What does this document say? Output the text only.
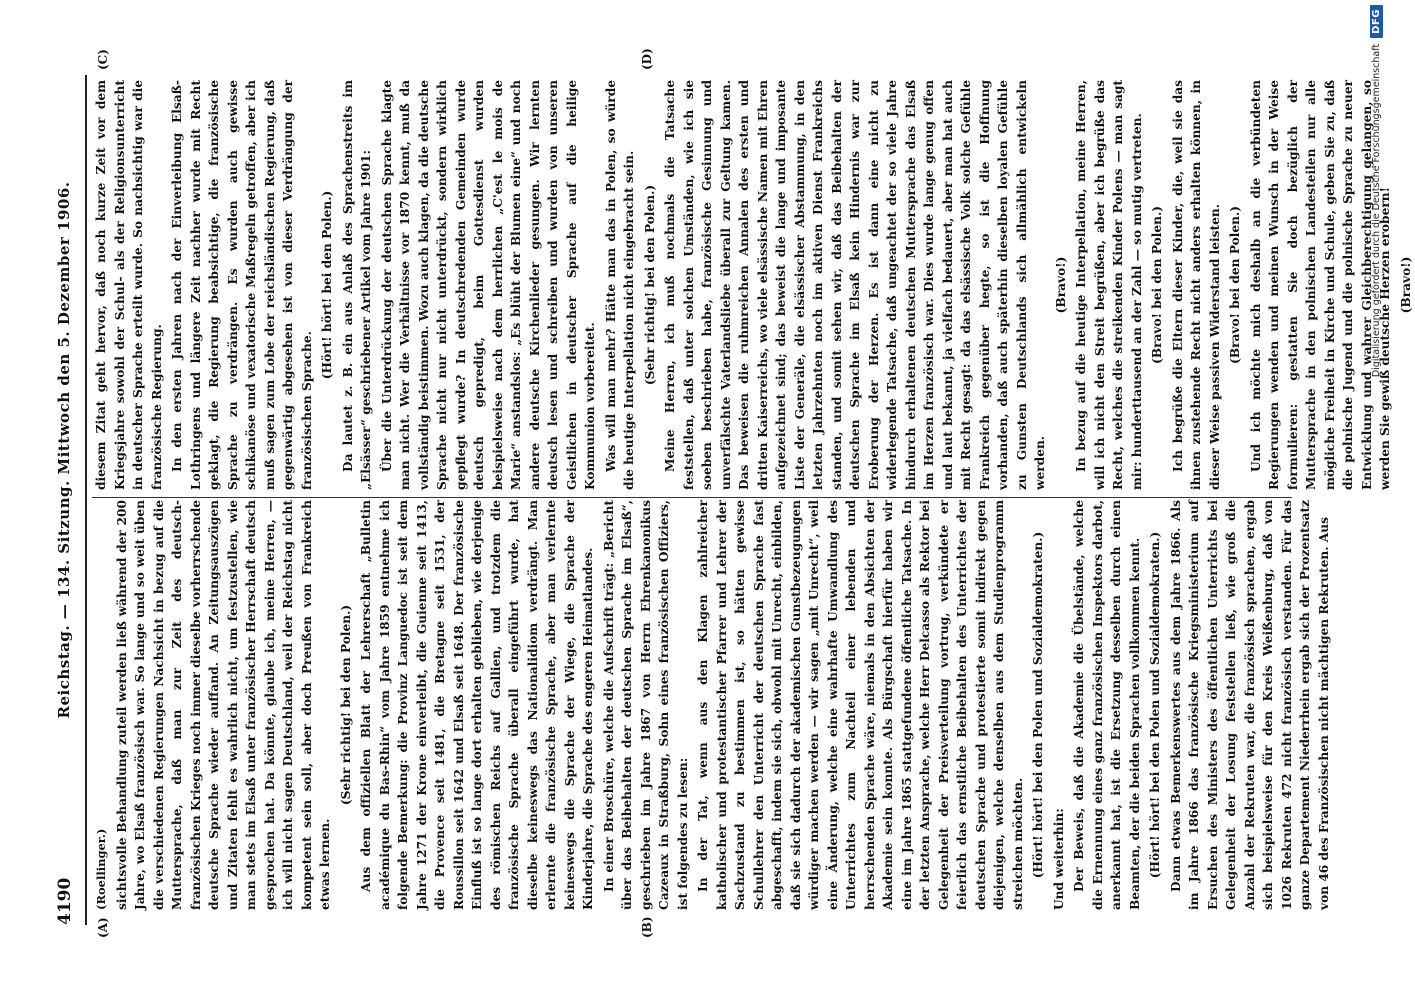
4190
Reichstag. — 134. Sitzung. Mittwoch den 5. Dezember 1906.
(A)	(B)
(C)	(D)
(Roellinger.) sichtsvolle Behandlung zuteil werden ließ während der 200 Jahre, wo Elsaß französisch war. So lange und so weit üben die verschiedenen Regierungen Nachsicht in bezug auf die Muttersprache, daß man zur Zeit des deutsch-französischen Krieges noch immer dieselbe vorherrschende deutsche Sprache wieder auffand. An Zeitungsauszügen und Zitaten fehlt es wahrlich nicht, um festzustellen, wie man stets im Elsaß unter französischer Herrschaft deutsch gesprochen hat. Da könnte, glaube ich, meine Herren, — ich will nicht sagen Deutschland, weil der Reichstag nicht kompetent sein soll, aber doch Preußen von Frankreich etwas lernen.

(Sehr richtig! bei den Polen.) Aus dem offiziellen Blatt der Lehrerschaft „Bulletin académique du Bas-Rhin“ vom Jahre 1859 entnehme ich folgende Bemerkung: die Provinz Languedoc ist seit dem Jahre 1271 der Krone einverleibt, die Guienne seit 1413, die Provence seit 1481, die Bretagne seit 1531, der Roussillon seit 1642 und Elsaß seit 1648. Der französische Einfluß ist so lange dort erhalten geblieben, wie derjenige des römischen Reichs auf Gallien, und trotzdem die französische Sprache überall eingeführt wurde, hat dieselbe keineswegs das Nationalidiom verdrängt. Man erlernte die französische Sprache, aber man verlernte keineswegs die Sprache der Wiege, die Sprache der Kinderjahre, die Sprache des engeren Heimatlandes. In einer Broschüre, welche die Aufschrift trägt: „Bericht über das Beibehalten der deutschen Sprache im Elsaß“, geschrieben im Jahre 1867 von Herrn Ehrenkanonikus Cazeaux in Straßburg, Sohn eines französischen Offiziers, ist folgendes zu lesen: In der Tat, wenn aus den Klagen zahlreicher katholischer und protestantischer Pfarrer und Lehrer der Sachzustand zu bestimmen ist, so hätten gewisse Schullehrer den Unterricht der deutschen Sprache fast abgeschafft, indem sie sich, obwohl mit Unrecht, einbilden, daß sie sich dadurch der akademischen Gunstbezeugungen würdiger machen werden — wir sagen „mit Unrecht“, weil eine Änderung, welche eine wahrhafte Umwandlung des Unterrichtes zum Nachteil einer lebenden und herrschenden Sprache wäre, niemals in den Absichten der Akademie sein konnte. Als Bürgschaft hierfür haben wir eine im Jahre 1865 stattgefundene öffentliche Tatsache. In der letzten Ansprache, welche Herr Delcasso als Rektor bei Gelegenheit der Preisverteilung vortrug, verkündete er feierlich das ernstliche Beibehalten des Unterrichtes der deutschen Sprache und protestierte somit indirekt gegen diejenigen, welche denselben aus dem Studienprogramm streichen möchten. (Hört! hört! bei den Polen und Sozialdemokraten.) Und weiterhin: Der Beweis, daß die Akademie die Übelstände, welche die Ernennung eines ganz französischen Inspektors darbot, anerkannt hat, ist die Ersetzung desselben durch einen Beamten, der die beiden Sprachen vollkommen kennt. (Hört! hört! bei den Polen und Sozialdemokraten.) Dann etwas Bemerkenswertes aus dem Jahre 1866. Als im Jahre 1866 das französische Kriegsministerium auf Ersuchen des Ministers des öffentlichen Unterrichts bei Gelegenheit der Losung feststellen ließ, wie groß die Anzahl der Rekruten war, die französisch sprachen, ergab sich beispielsweise für den Kreis Weißenburg, daß von 1026 Rekruten 472 nicht französisch verstanden. Für das ganze Departement Niederrhein ergab sich der Prozentsatz von 46 des Französischen nicht mächtigen Rekruten. Aus

diesem Zitat geht hervor, daß noch kurze Zeit vor dem Kriegsjahre sowohl der Schul- als der Religionsunterricht in deutscher Sprache erteilt wurde. So nachsichtig war die französische Regierung. In den ersten Jahren nach der Einverleibung Elsaß-Lothringens und längere Zeit nachher wurde mit Recht geklagt, die Regierung beabsichtige, die französische Sprache zu verdrängen. Es wurden auch gewisse schikanöse und vexatorische Maßregeln getroffen, aber ich muß sagen zum Lobe der reichsländischen Regierung, daß gegenwärtig abgesehen ist von dieser Verdrängung der französischen Sprache.

(Hört! hört! bei den Polen.) Da lautet z. B. ein aus Anlaß des Sprachenstreits im „Elsässer“ geschriebener Artikel vom Jahre 1901: Über die Unterdrückung der deutschen Sprache klagte man nicht. Wer die Verhältnisse vor 1870 kennt, muß da vollständig beistimmen. Wozu auch klagen, da die deutsche Sprache nicht nur nicht unterdrückt, sondern wirklich gepflegt wurde? In deutschredenden Gemeinden wurde deutsch gepredigt, beim Gottesdienst wurden beispielsweise nach dem herrlichen „C'est le mois de Marie“ anstandslos: „Es blüht der Blumen eine“ und noch andere deutsche Kirchenlieder gesungen. Wir lernten deutsch lesen und schreiben und wurden von unseren Geistlichen in deutscher Sprache auf die heilige Kommunion vorbereitet. Was will man mehr? Hätte man das in Polen, so würde die heutige Interpellation nicht eingebracht sein. (Sehr richtig! bei den Polen.) Meine Herren, ich muß nochmals die Tatsache feststellen, daß unter solchen Umständen, wie ich sie soeben beschrieben habe, französische Gesinnung und unverfälschte Vaterlandsliebe überall zur Geltung kamen. Das beweisen die ruhmreichen Annalen des ersten und dritten Kaiserreichs, wo viele elsässische Namen mit Ehren aufgezeichnet sind; das beweist die lange und imposante Liste der Generäle, die elsässischer Abstammung, in den letzten Jahrzehnten noch im aktiven Dienst Frankreichs standen, und somit sehen wir, daß das Beibehalten der deutschen Sprache im Elsaß kein Hindernis war zur Eroberung der Herzen. Es ist dann eine nicht zu widerlegende Tatsache, daß ungeachtet der so viele Jahre hindurch erhaltenen deutschen Muttersprache das Elsaß im Herzen französisch war. Dies wurde lange genug offen und laut bekannt, ja vielfach bedauert, aber man hat auch mit Recht gesagt: da das elsässische Volk solche Gefühle Frankreich gegenüber hegte, so ist die Hoffnung vorhanden, daß auch späterhin dieselben loyalen Gefühle zu Gunsten Deutschlands sich allmählich entwickeln werden.

(Bravo!) In bezug auf die heutige Interpellation, meine Herren, will ich nicht den Streit begrüßen, aber ich begrüße das Recht, welches die streikenden Kinder Polens — man sagt mir: hunderttausend an der Zahl — so mutig vertreten. (Bravo! bei den Polen.) Ich begrüße die Eltern dieser Kinder, die, weil sie das ihnen zustehende Recht nicht anders erhalten können, in dieser Weise passiven Widerstand leisten. (Bravo! bei den Polen.) Und ich möchte mich deshalb an die verbündeten Regierungen wenden und meinen Wunsch in der Weise formulieren: gestatten Sie doch bezüglich der Muttersprache in den polnischen Landesteilen nur alle mögliche Freiheit in Kirche und Schule, geben Sie zu, daß die polnische Jugend und die polnische Sprache zu neuer Entwicklung und wahrer Gleichberechtigung gelangen, so werden Sie gewiß deutsche Herzen erobern! (Bravo!)

Digitalisierung gefördert durch die Deutsche Forschungsgemeinschaft
DFG
